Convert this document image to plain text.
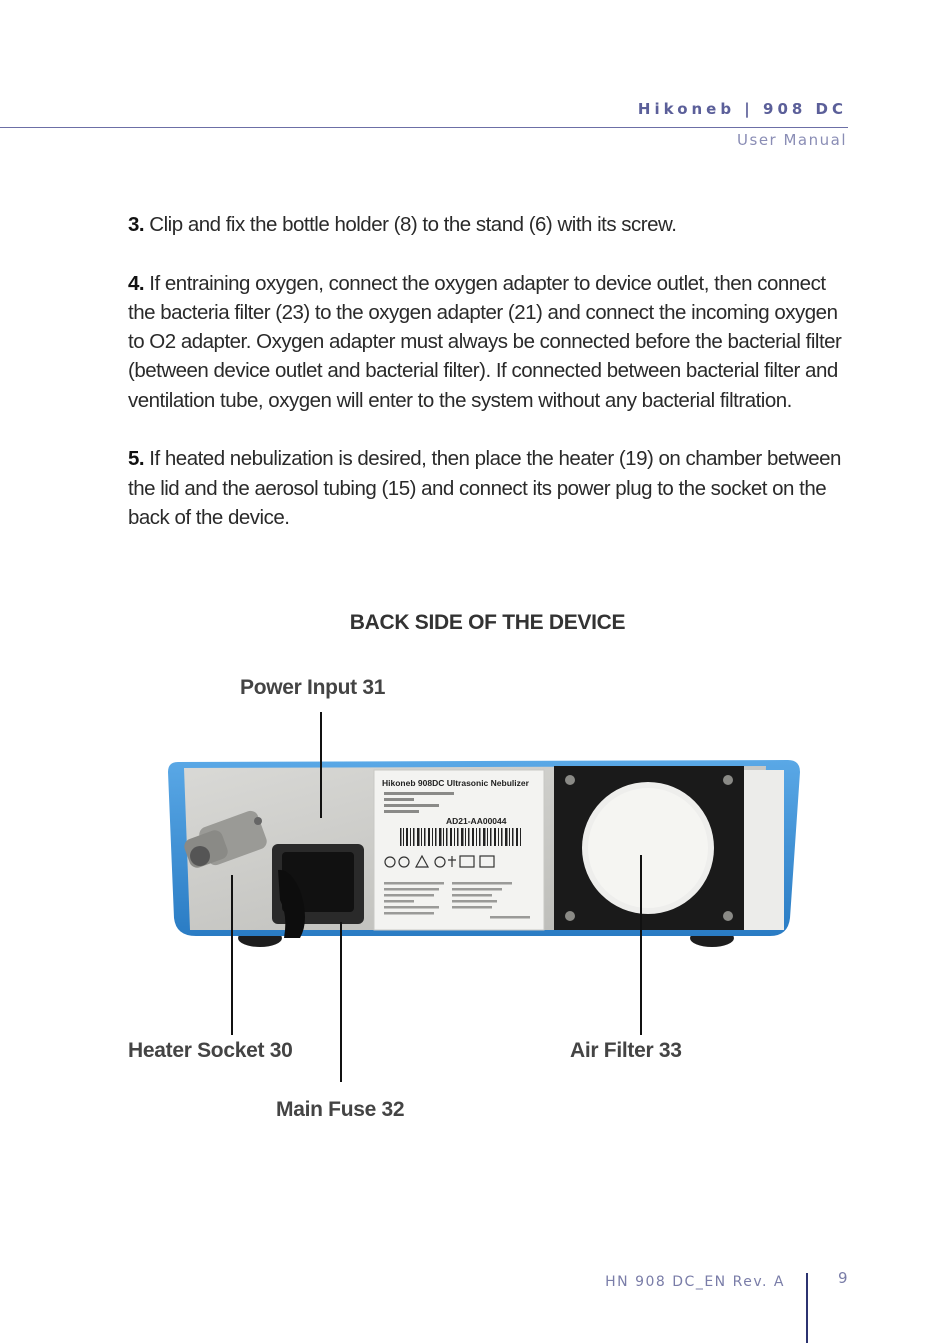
Hikoneb | 908 DC
User Manual

3. Clip and fix the bottle holder (8) to the stand (6) with its screw.

4. If entraining oxygen, connect the oxygen adapter to device outlet, then connect the bacteria filter (23) to the oxygen adapter (21) and connect the incoming oxygen to O2 adapter. Oxygen adapter must always be connected before the bacterial filter (between device outlet and bacterial filter). If connected between bacterial filter and ventilation tube, oxygen will enter to the system without any bacterial filtration.

5. If heated nebulization is desired, then place the heater (19) on chamber between the lid and the aerosol tubing (15) and connect its power plug to the socket on the back of the device.

BACK SIDE OF THE DEVICE
Hikoneb 908DC Ultrasonic Nebulizer
AD21-AA00044
Power Input 31
Heater Socket 30	Air Filter 33
Main Fuse 32
HN 908 DC_EN Rev. A	9
